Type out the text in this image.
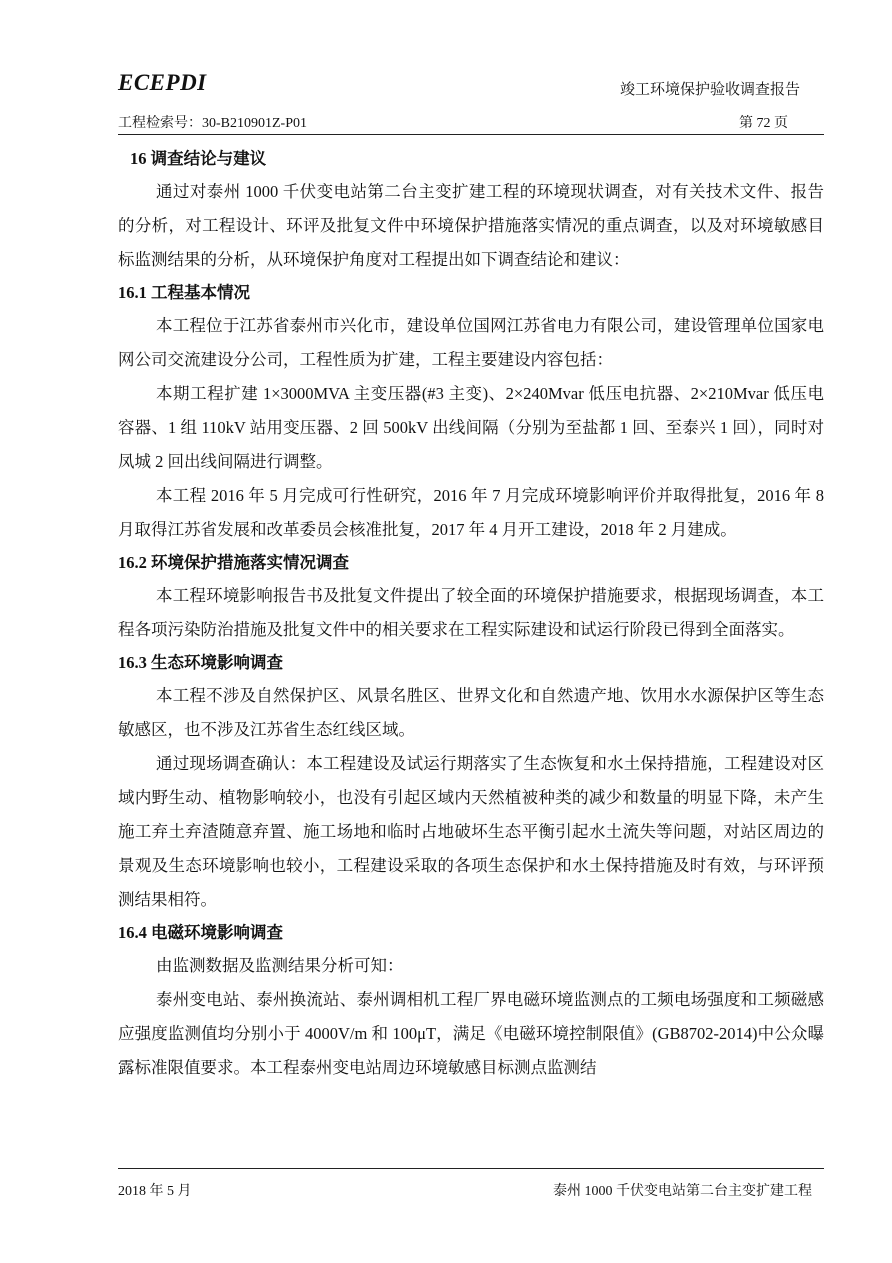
ECEPDI	竣工环境保护验收调查报告
工程检索号：30-B210901Z-P01	第 72 页
16 调查结论与建议

通过对泰州 1000 千伏变电站第二台主变扩建工程的环境现状调查，对有关技术文件、报告的分析，对工程设计、环评及批复文件中环境保护措施落实情况的重点调查，以及对环境敏感目标监测结果的分析，从环境保护角度对工程提出如下调查结论和建议：

16.1 工程基本情况

本工程位于江苏省泰州市兴化市，建设单位国网江苏省电力有限公司，建设管理单位国家电网公司交流建设分公司，工程性质为扩建，工程主要建设内容包括：

本期工程扩建 1×3000MVA 主变压器(#3 主变)、2×240Mvar 低压电抗器、2×210Mvar 低压电容器、1 组 110kV 站用变压器、2 回 500kV 出线间隔（分别为至盐都 1 回、至泰兴 1 回），同时对凤城 2 回出线间隔进行调整。

本工程 2016 年 5 月完成可行性研究，2016 年 7 月完成环境影响评价并取得批复，2016 年 8 月取得江苏省发展和改革委员会核准批复，2017 年 4 月开工建设，2018 年 2 月建成。

16.2 环境保护措施落实情况调查

本工程环境影响报告书及批复文件提出了较全面的环境保护措施要求，根据现场调查，本工程各项污染防治措施及批复文件中的相关要求在工程实际建设和试运行阶段已得到全面落实。

16.3 生态环境影响调查

本工程不涉及自然保护区、风景名胜区、世界文化和自然遗产地、饮用水水源保护区等生态敏感区，也不涉及江苏省生态红线区域。

通过现场调查确认：本工程建设及试运行期落实了生态恢复和水土保持措施，工程建设对区域内野生动、植物影响较小，也没有引起区域内天然植被种类的减少和数量的明显下降，未产生施工弃土弃渣随意弃置、施工场地和临时占地破坏生态平衡引起水土流失等问题，对站区周边的景观及生态环境影响也较小，工程建设采取的各项生态保护和水土保持措施及时有效，与环评预测结果相符。

16.4 电磁环境影响调查

由监测数据及监测结果分析可知：

泰州变电站、泰州换流站、泰州调相机工程厂界电磁环境监测点的工频电场强度和工频磁感应强度监测值均分别小于 4000V/m 和 100μT，满足《电磁环境控制限值》(GB8702-2014)中公众曝露标准限值要求。本工程泰州变电站周边环境敏感目标测点监测结

2018 年 5 月	泰州 1000 千伏变电站第二台主变扩建工程
